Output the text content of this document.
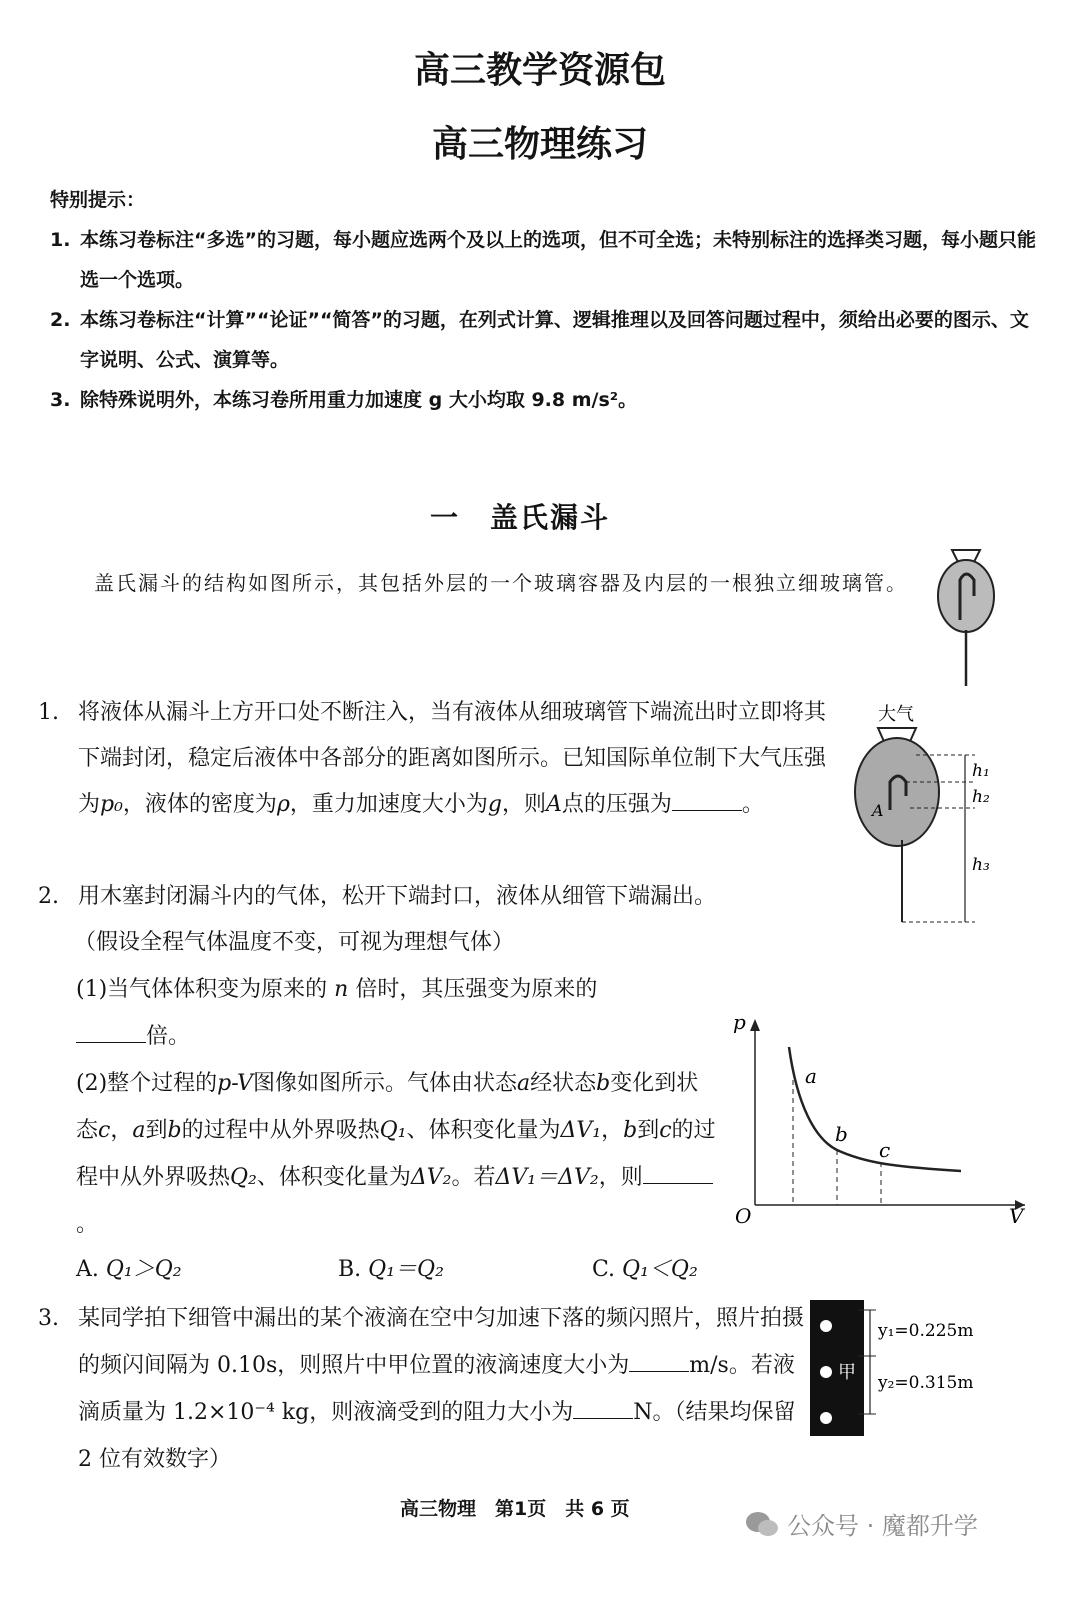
高三教学资源包
高三物理练习
特别提示：
1. 本练习卷标注“多选”的习题，每小题应选两个及以上的选项，但不可全选；未特别标注的选择类习题，每小题只能选一个选项。
2. 本练习卷标注“计算”“论证”“简答”的习题，在列式计算、逻辑推理以及回答问题过程中，须给出必要的图示、文字说明、公式、演算等。
3. 除特殊说明外，本练习卷所用重力加速度 g 大小均取 9.8 m/s²。
一　盖氏漏斗
盖氏漏斗的结构如图所示，其包括外层的一个玻璃容器及内层的一根独立细玻璃管。
1. 将液体从漏斗上方开口处不断注入，当有液体从细玻璃管下端流出时立即将其下端封闭，稳定后液体中各部分的距离如图所示。已知国际单位制下大气压强为p₀，液体的密度为ρ，重力加速度大小为g，则A点的压强为	。
大气
A
h₁
h₂
h₃
2. 用木塞封闭漏斗内的气体，松开下端封口，液体从细管下端漏出。
（假设全程气体温度不变，可视为理想气体）
(1)当气体体积变为原来的 n 倍时，其压强变为原来的
倍。
(2)整个过程的p-V图像如图所示。气体由状态a经状态b变化到状态c，a到b的过程中从外界吸热Q₁、体积变化量为ΔV₁，b到c的过程中从外界吸热Q₂、体积变化量为ΔV₂。若ΔV₁＝ΔV₂，则。
A. Q₁＞Q₂	B. Q₁＝Q₂	C. Q₁＜Q₂
p
V
O
a
b
c
3. 某同学拍下细管中漏出的某个液滴在空中匀加速下落的频闪照片，照片拍摄的频闪间隔为 0.10s，则照片中甲位置的液滴速度大小为	m/s。若液滴质量为 1.2×10⁻⁴ kg，则液滴受到的阻力大小为	N。（结果均保留 2 位有效数字）
甲
y₁=0.225m
y₂=0.315m
高三物理　第1页　共 6 页
公众号 · 魔都升学
